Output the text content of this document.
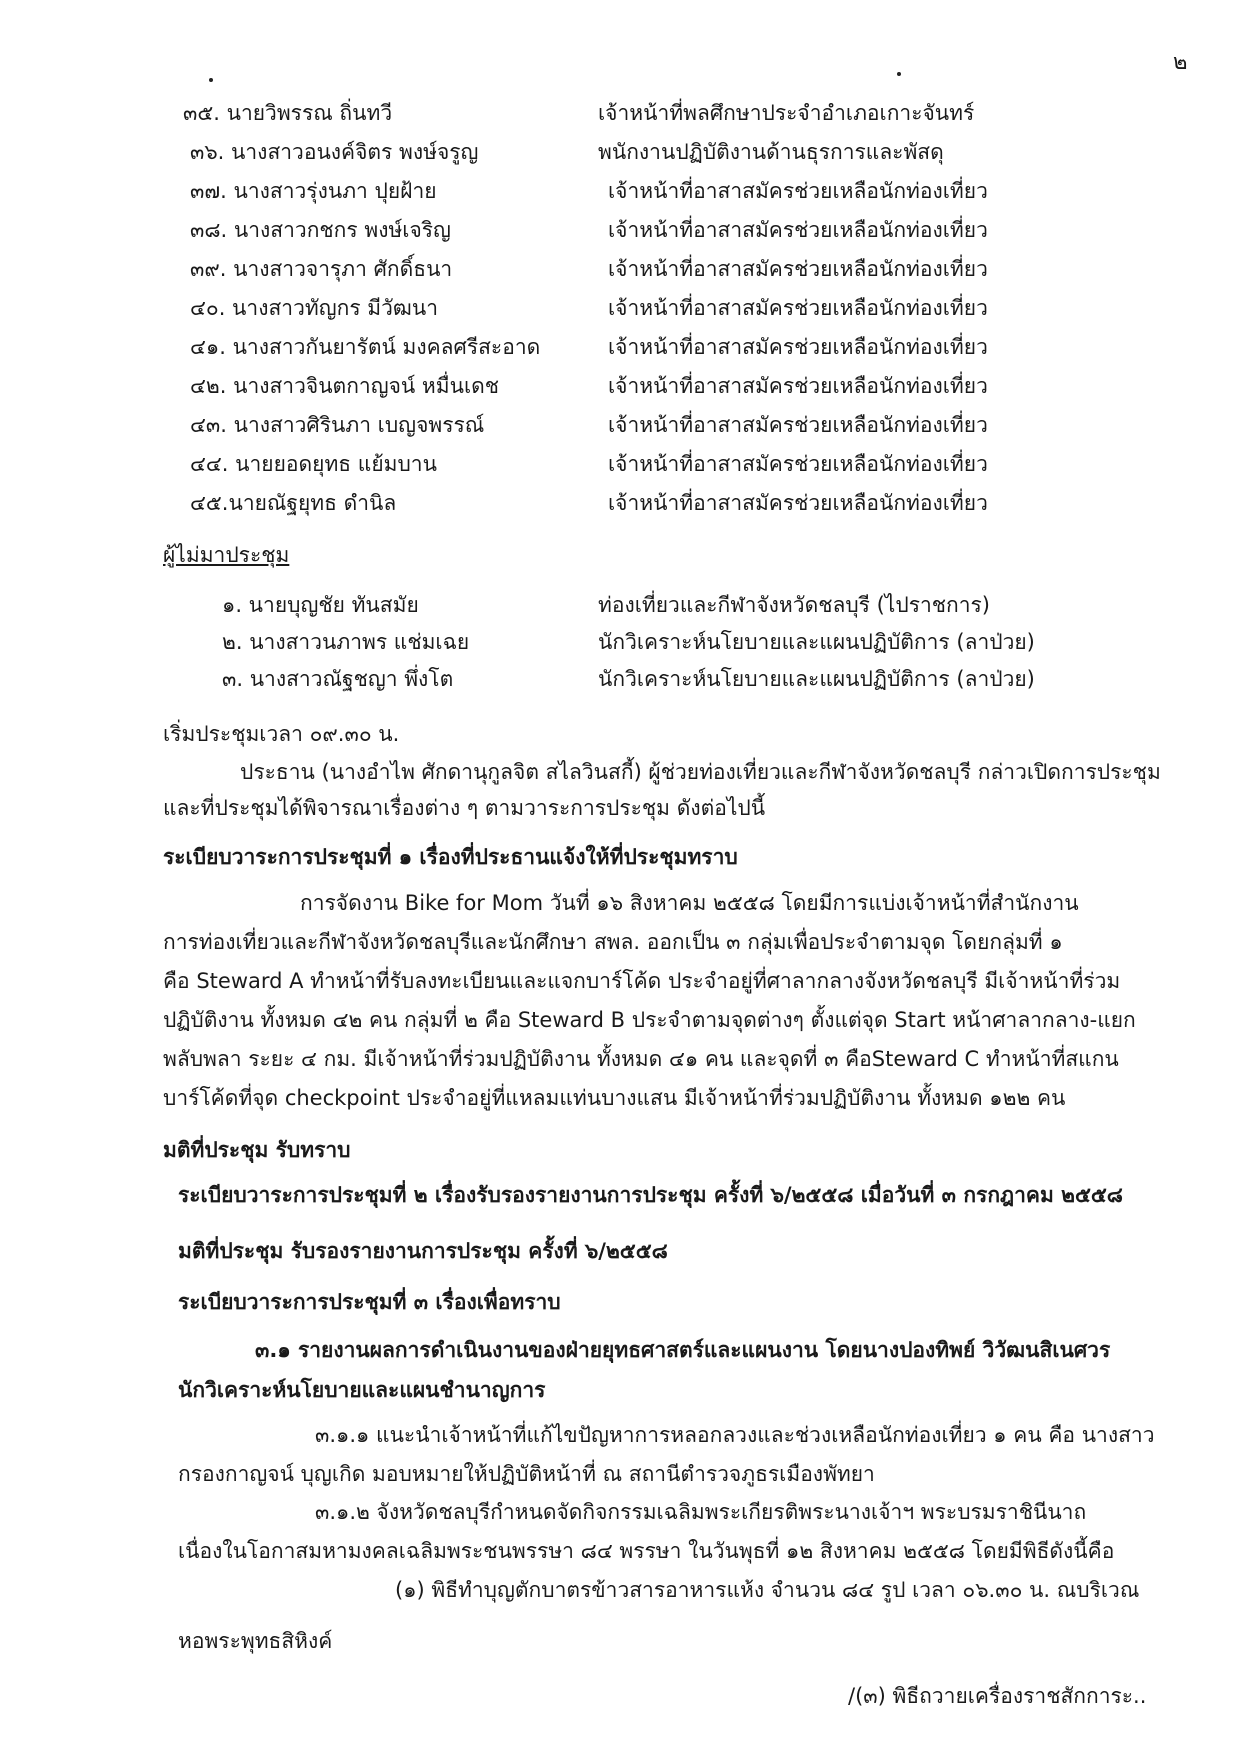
๒
๓๕. นายวิพรรณ ถิ่นทวี	เจ้าหน้าที่พลศึกษาประจำอำเภอเกาะจันทร์
๓๖. นางสาวอนงค์จิตร พงษ์จรูญ	พนักงานปฏิบัติงานด้านธุรการและพัสดุ
๓๗. นางสาวรุ่งนภา ปุยฝ้าย	เจ้าหน้าที่อาสาสมัครช่วยเหลือนักท่องเที่ยว
๓๘. นางสาวกชกร พงษ์เจริญ	เจ้าหน้าที่อาสาสมัครช่วยเหลือนักท่องเที่ยว
๓๙. นางสาวจารุภา ศักดิ์ธนา	เจ้าหน้าที่อาสาสมัครช่วยเหลือนักท่องเที่ยว
๔๐. นางสาวทัญกร มีวัฒนา	เจ้าหน้าที่อาสาสมัครช่วยเหลือนักท่องเที่ยว
๔๑. นางสาวกันยารัตน์ มงคลศรีสะอาด	เจ้าหน้าที่อาสาสมัครช่วยเหลือนักท่องเที่ยว
๔๒. นางสาวจินตกาญจน์ หมื่นเดช	เจ้าหน้าที่อาสาสมัครช่วยเหลือนักท่องเที่ยว
๔๓. นางสาวศิรินภา เบญจพรรณ์	เจ้าหน้าที่อาสาสมัครช่วยเหลือนักท่องเที่ยว
๔๔. นายยอดยุทธ แย้มบาน	เจ้าหน้าที่อาสาสมัครช่วยเหลือนักท่องเที่ยว
๔๕.นายณัฐยุทธ ดำนิล	เจ้าหน้าที่อาสาสมัครช่วยเหลือนักท่องเที่ยว
ผู้ไม่มาประชุม
๑. นายบุญชัย ทันสมัย	ท่องเที่ยวและกีฬาจังหวัดชลบุรี (ไปราชการ)
๒. นางสาวนภาพร แช่มเฉย	นักวิเคราะห์นโยบายและแผนปฏิบัติการ (ลาป่วย)
๓. นางสาวณัฐชญา พึ่งโต	นักวิเคราะห์นโยบายและแผนปฏิบัติการ (ลาป่วย)
เริ่มประชุมเวลา ๐๙.๓๐ น.
ประธาน (นางอำไพ ศักดานุกูลจิต สไลวินสกี้) ผู้ช่วยท่องเที่ยวและกีฬาจังหวัดชลบุรี กล่าวเปิดการประชุม
และที่ประชุมได้พิจารณาเรื่องต่าง ๆ ตามวาระการประชุม ดังต่อไปนี้
ระเบียบวาระการประชุมที่ ๑ เรื่องที่ประธานแจ้งให้ที่ประชุมทราบ
การจัดงาน Bike for Mom วันที่ ๑๖ สิงหาคม ๒๕๕๘ โดยมีการแบ่งเจ้าหน้าที่สำนักงาน
การท่องเที่ยวและกีฬาจังหวัดชลบุรีและนักศึกษา สพล. ออกเป็น ๓ กลุ่มเพื่อประจำตามจุด โดยกลุ่มที่ ๑
คือ Steward A ทำหน้าที่รับลงทะเบียนและแจกบาร์โค้ด ประจำอยู่ที่ศาลากลางจังหวัดชลบุรี มีเจ้าหน้าที่ร่วม
ปฏิบัติงาน ทั้งหมด ๔๒ คน กลุ่มที่ ๒ คือ Steward B ประจำตามจุดต่างๆ ตั้งแต่จุด Start หน้าศาลากลาง-แยก
พลับพลา ระยะ ๔ กม. มีเจ้าหน้าที่ร่วมปฏิบัติงาน ทั้งหมด ๔๑ คน และจุดที่ ๓ คือSteward C ทำหน้าที่สแกน
บาร์โค้ดที่จุด checkpoint ประจำอยู่ที่แหลมแท่นบางแสน มีเจ้าหน้าที่ร่วมปฏิบัติงาน ทั้งหมด ๑๒๒ คน
มติที่ประชุม รับทราบ
ระเบียบวาระการประชุมที่ ๒ เรื่องรับรองรายงานการประชุม ครั้งที่ ๖/๒๕๕๘ เมื่อวันที่ ๓ กรกฎาคม ๒๕๕๘
มติที่ประชุม รับรองรายงานการประชุม ครั้งที่ ๖/๒๕๕๘
ระเบียบวาระการประชุมที่ ๓ เรื่องเพื่อทราบ
๓.๑ รายงานผลการดำเนินงานของฝ่ายยุทธศาสตร์และแผนงาน โดยนางปองทิพย์ วิวัฒนสิเนศวร
นักวิเคราะห์นโยบายและแผนชำนาญการ
๓.๑.๑ แนะนำเจ้าหน้าที่แก้ไขปัญหาการหลอกลวงและช่วงเหลือนักท่องเที่ยว ๑ คน คือ นางสาว
กรองกาญจน์ บุญเกิด มอบหมายให้ปฏิบัติหน้าที่ ณ สถานีตำรวจภูธรเมืองพัทยา
๓.๑.๒ จังหวัดชลบุรีกำหนดจัดกิจกรรมเฉลิมพระเกียรติพระนางเจ้าฯ พระบรมราชินีนาถ
เนื่องในโอกาสมหามงคลเฉลิมพระชนพรรษา ๘๔ พรรษา ในวันพุธที่ ๑๒ สิงหาคม ๒๕๕๘ โดยมีพิธีดังนี้คือ
(๑) พิธีทำบุญตักบาตรข้าวสารอาหารแห้ง จำนวน ๘๔ รูป เวลา ๐๖.๓๐ น. ณบริเวณ
หอพระพุทธสิหิงค์
/(๓) พิธีถวายเครื่องราชสักการะ..
